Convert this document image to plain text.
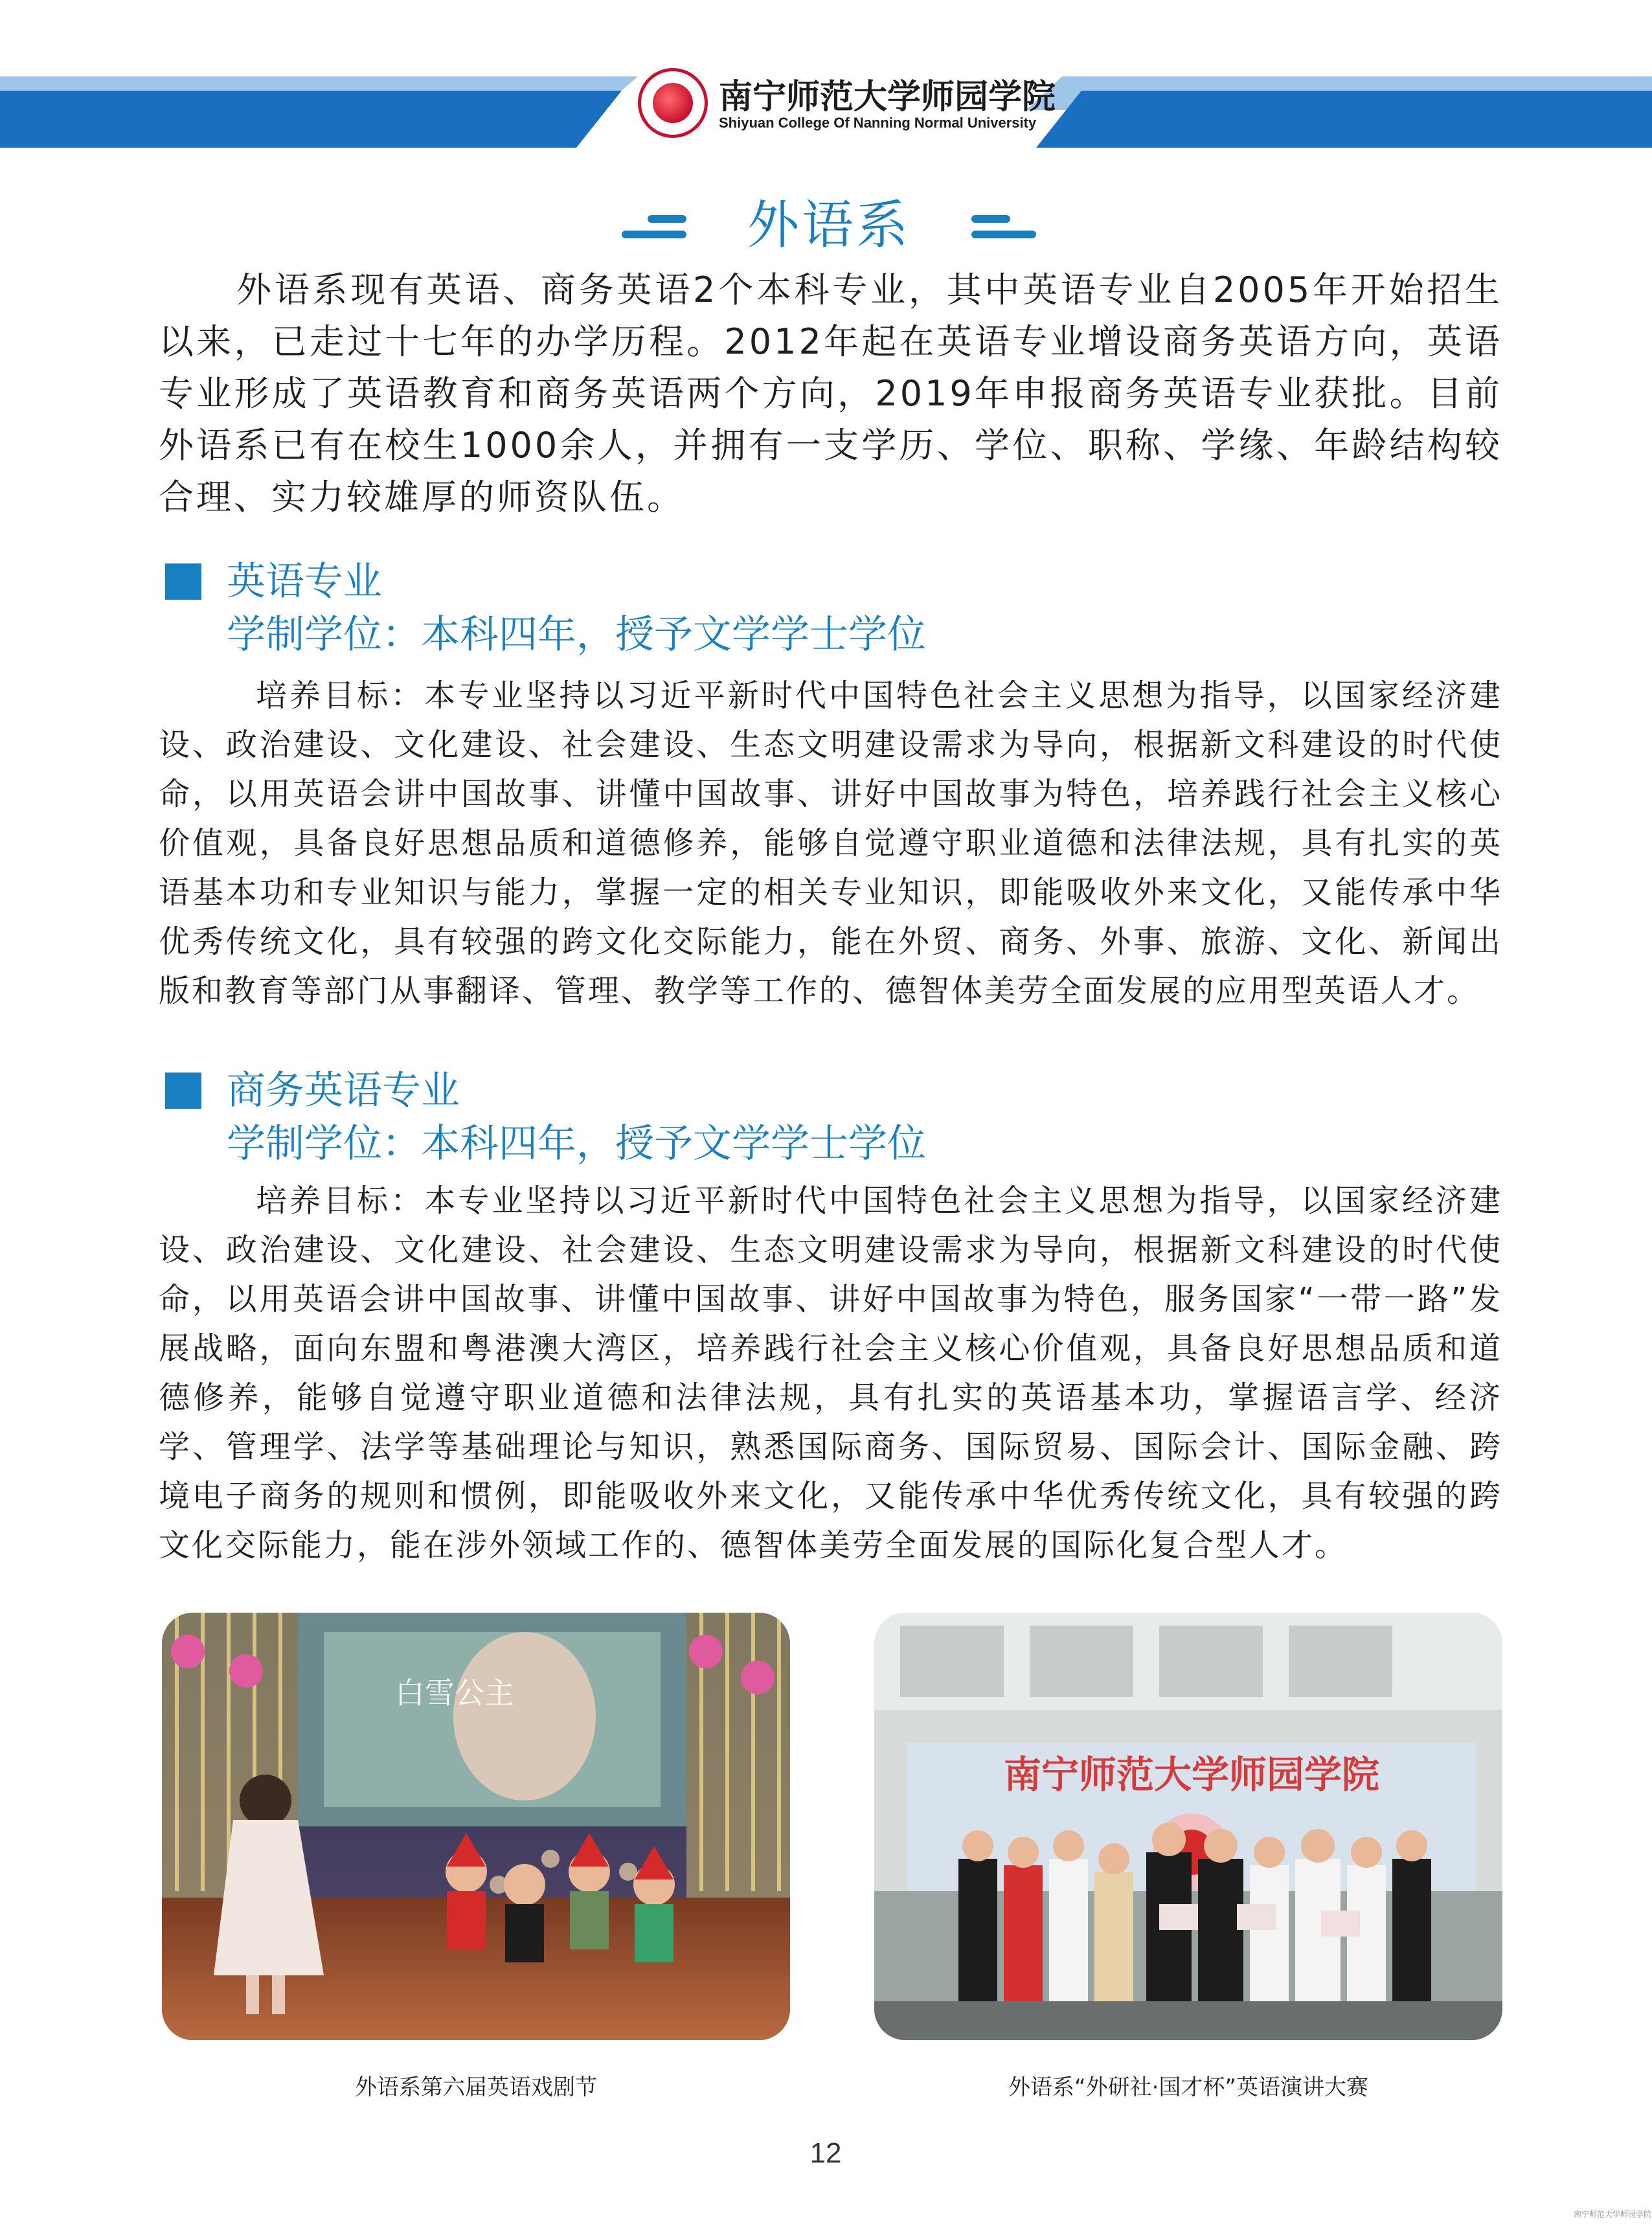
南宁师范大学师园学院
Shiyuan College Of Nanning Normal University
外语系

外语系现有英语、商务英语2个本科专业，其中英语专业自2005年开始招生以来，已走过十七年的办学历程。2012年起在英语专业增设商务英语方向，英语专业形成了英语教育和商务英语两个方向，2019年申报商务英语专业获批。目前外语系已有在校生1000余人，并拥有一支学历、学位、职称、学缘、年龄结构较合理、实力较雄厚的师资队伍。

英语专业
学制学位：本科四年，授予文学学士学位

培养目标：本专业坚持以习近平新时代中国特色社会主义思想为指导，以国家经济建设、政治建设、文化建设、社会建设、生态文明建设需求为导向，根据新文科建设的时代使命，以用英语会讲中国故事、讲懂中国故事、讲好中国故事为特色，培养践行社会主义核心价值观，具备良好思想品质和道德修养，能够自觉遵守职业道德和法律法规，具有扎实的英语基本功和专业知识与能力，掌握一定的相关专业知识，即能吸收外来文化，又能传承中华优秀传统文化，具有较强的跨文化交际能力，能在外贸、商务、外事、旅游、文化、新闻出版和教育等部门从事翻译、管理、教学等工作的、德智体美劳全面发展的应用型英语人才。

商务英语专业
学制学位：本科四年，授予文学学士学位

培养目标：本专业坚持以习近平新时代中国特色社会主义思想为指导，以国家经济建设、政治建设、文化建设、社会建设、生态文明建设需求为导向，根据新文科建设的时代使命，以用英语会讲中国故事、讲懂中国故事、讲好中国故事为特色，服务国家“一带一路”发展战略，面向东盟和粤港澳大湾区，培养践行社会主义核心价值观，具备良好思想品质和道德修养，能够自觉遵守职业道德和法律法规，具有扎实的英语基本功，掌握语言学、经济学、管理学、法学等基础理论与知识，熟悉国际商务、国际贸易、国际会计、国际金融、跨境电子商务的规则和惯例，即能吸收外来文化，又能传承中华优秀传统文化，具有较强的跨文化交际能力，能在涉外领域工作的、德智体美劳全面发展的国际化复合型人才。

白雪公主
外语系第六届英语戏剧节
南宁师范大学师园学院
外语系“外研社·国才杯”英语演讲大赛
12
南宁师范大学师园学院
